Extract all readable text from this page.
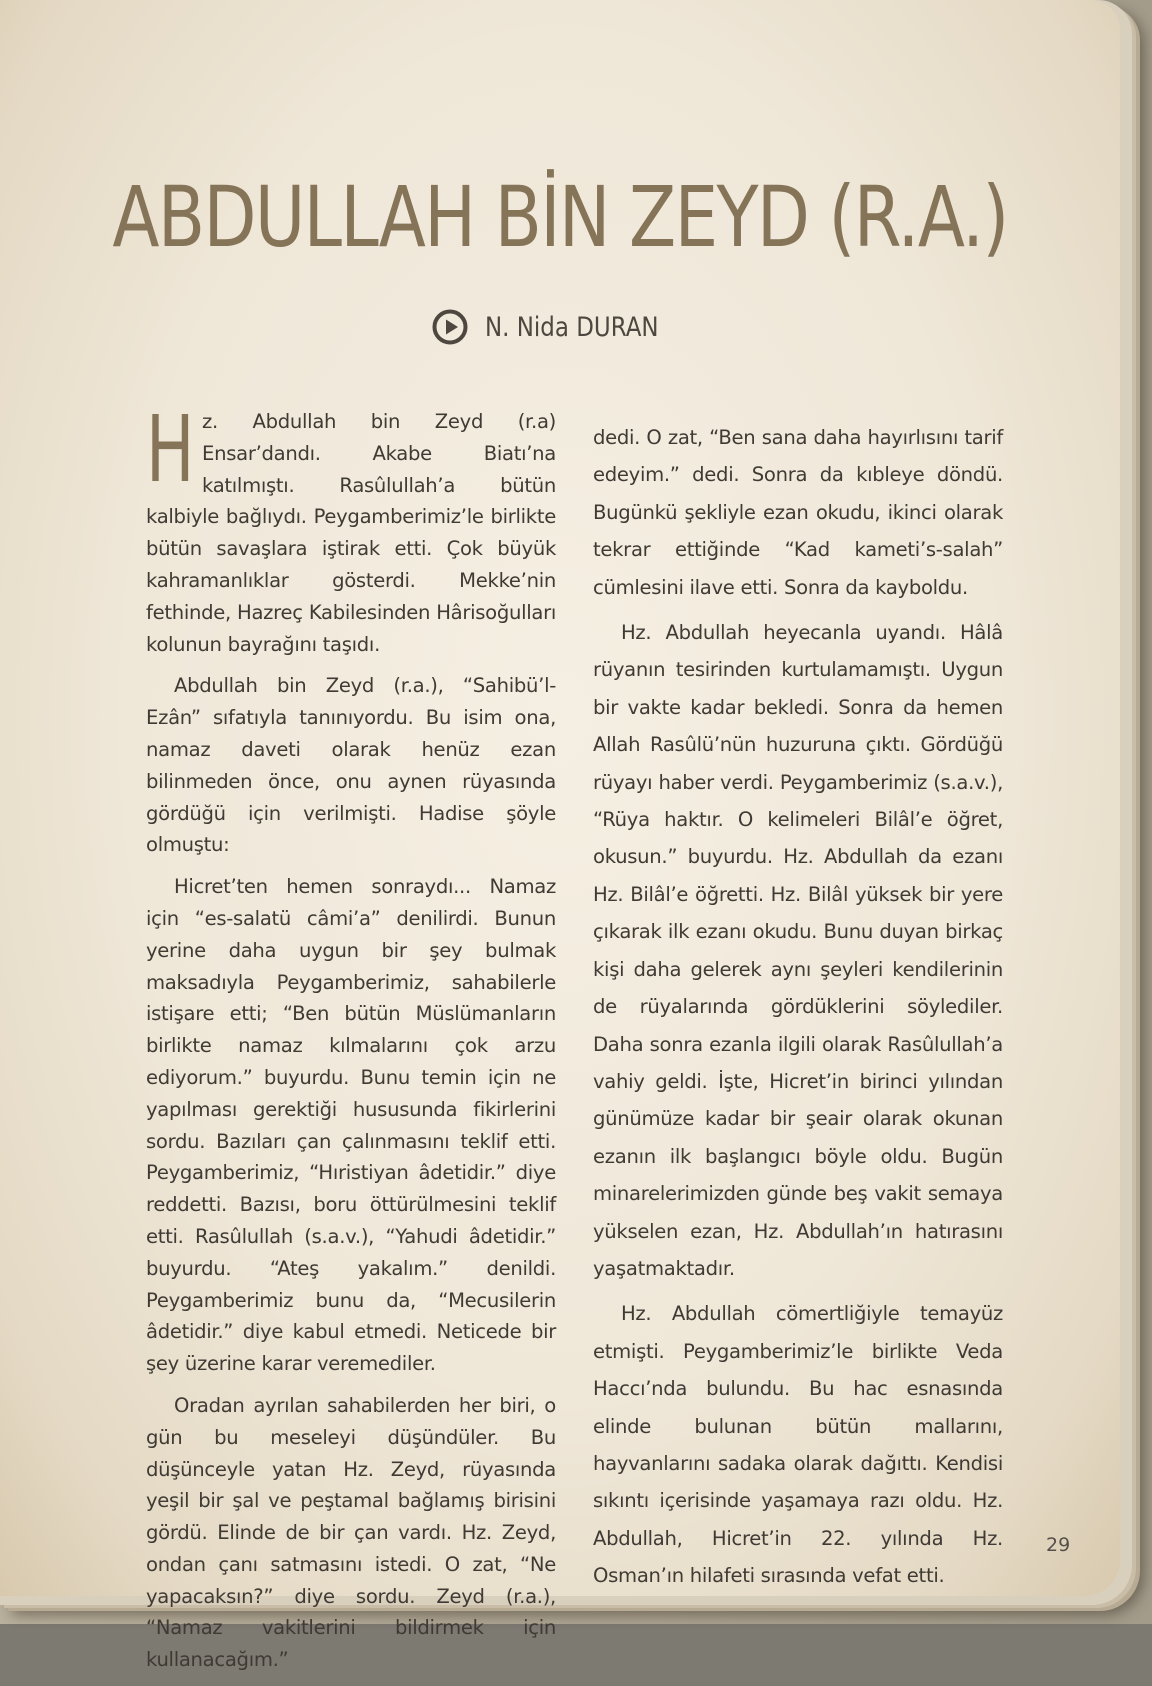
ABDULLAH BİN ZEYD (R.A.)
N. Nida DURAN

Hz. Abdullah bin Zeyd (r.a) Ensar’dandı. Akabe Biatı’na katılmıştı. Rasûlullah’a bütün kalbiyle bağlıydı. Peygamberimiz’le birlikte bütün savaşlara iştirak etti. Çok büyük kahramanlıklar gösterdi. Mekke’nin fethinde, Hazreç Kabilesinden Hârisoğulları kolunun bayrağını taşıdı.

Abdullah bin Zeyd (r.a.), “Sahibü’l-Ezân” sıfatıyla tanınıyordu. Bu isim ona, namaz daveti olarak henüz ezan bilinmeden önce, onu aynen rüyasında gördüğü için verilmişti. Hadise şöyle olmuştu:

Hicret’ten hemen sonraydı... Namaz için “es-salatü câmi’a” denilirdi. Bunun yerine daha uygun bir şey bulmak maksadıyla Peygamberimiz, sahabilerle istişare etti; “Ben bütün Müslümanların birlikte namaz kılmalarını çok arzu ediyorum.” buyurdu. Bunu temin için ne yapılması gerektiği hususunda fikirlerini sordu. Bazıları çan çalınmasını teklif etti. Peygamberimiz, “Hıristiyan âdetidir.” diye reddetti. Bazısı, boru öttürülmesini teklif etti. Rasûlullah (s.a.v.), “Yahudi âdetidir.” buyurdu. “Ateş yakalım.” denildi. Peygamberimiz bunu da, “Mecusilerin âdetidir.” diye kabul etmedi. Neticede bir şey üzerine karar veremediler.

Oradan ayrılan sahabilerden her biri, o gün bu meseleyi düşündüler. Bu düşünceyle yatan Hz. Zeyd, rüyasında yeşil bir şal ve peştamal bağlamış birisini gördü. Elinde de bir çan vardı. Hz. Zeyd, ondan çanı satmasını istedi. O zat, “Ne yapacaksın?” diye sordu. Zeyd (r.a.), “Namaz vakitlerini bildirmek için kullanacağım.”

dedi. O zat, “Ben sana daha hayırlısını tarif edeyim.” dedi. Sonra da kıbleye döndü. Bugünkü şekliyle ezan okudu, ikinci olarak tekrar ettiğinde “Kad kameti’s-salah” cümlesini ilave etti. Sonra da kayboldu.

Hz. Abdullah heyecanla uyandı. Hâlâ rüyanın tesirinden kurtulamamıştı. Uygun bir vakte kadar bekledi. Sonra da hemen Allah Rasûlü’nün huzuruna çıktı. Gördüğü rüyayı haber verdi. Peygamberimiz (s.a.v.), “Rüya haktır. O kelimeleri Bilâl’e öğret, okusun.” buyurdu. Hz. Abdullah da ezanı Hz. Bilâl’e öğretti. Hz. Bilâl yüksek bir yere çıkarak ilk ezanı okudu. Bunu duyan birkaç kişi daha gelerek aynı şeyleri kendilerinin de rüyalarında gördüklerini söylediler. Daha sonra ezanla ilgili olarak Rasûlullah’a vahiy geldi. İşte, Hicret’in birinci yılından günümüze kadar bir şeair olarak okunan ezanın ilk başlangıcı böyle oldu. Bugün minarelerimizden günde beş vakit semaya yükselen ezan, Hz. Abdullah’ın hatırasını yaşatmaktadır.

Hz. Abdullah cömertliğiyle temayüz etmişti. Peygamberimiz’le birlikte Veda Haccı’nda bulundu. Bu hac esnasında elinde bulunan bütün mallarını, hayvanlarını sadaka olarak dağıttı. Kendisi sıkıntı içerisinde yaşamaya razı oldu. Hz. Abdullah, Hicret’in 22. yılında Hz. Osman’ın hilafeti sırasında vefat etti.

29
